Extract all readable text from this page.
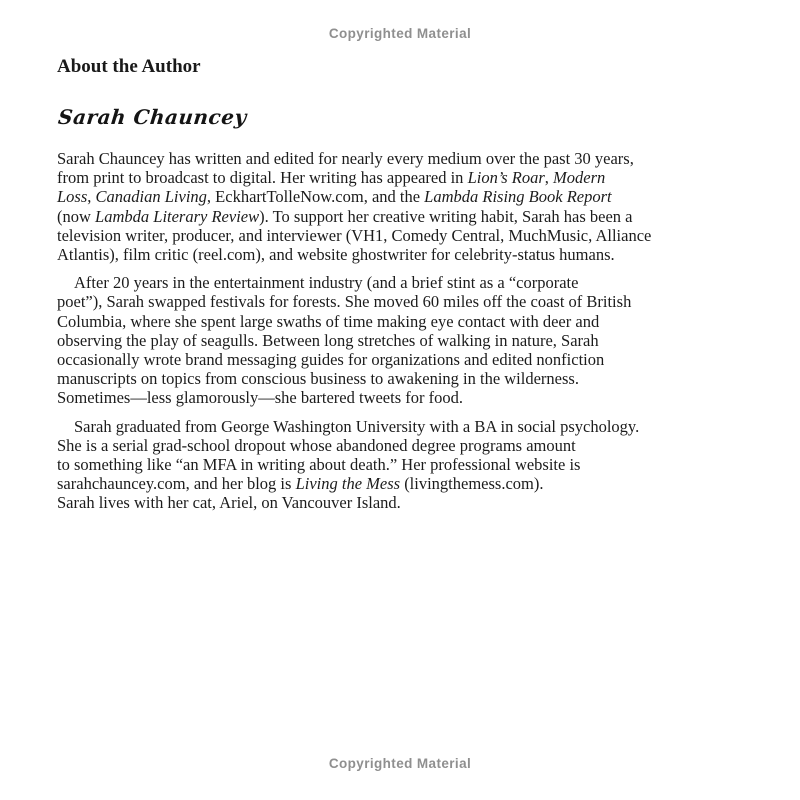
Copyrighted Material
About the Author
Sarah Chauncey
Sarah Chauncey has written and edited for nearly every medium over the past 30 years,
from print to broadcast to digital. Her writing has appeared in Lion’s Roar, Modern
Loss, Canadian Living, EckhartTolleNow.com, and the Lambda Rising Book Report
(now Lambda Literary Review). To support her creative writing habit, Sarah has been a
television writer, producer, and interviewer (VH1, Comedy Central, MuchMusic, Alliance
Atlantis), film critic (reel.com), and website ghostwriter for celebrity-status humans.
After 20 years in the entertainment industry (and a brief stint as a “corporate
poet”), Sarah swapped festivals for forests. She moved 60 miles off the coast of British
Columbia, where she spent large swaths of time making eye contact with deer and
observing the play of seagulls. Between long stretches of walking in nature, Sarah
occasionally wrote brand messaging guides for organizations and edited nonfiction
manuscripts on topics from conscious business to awakening in the wilderness.
Sometimes—less glamorously—she bartered tweets for food.
Sarah graduated from George Washington University with a BA in social psychology.
She is a serial grad-school dropout whose abandoned degree programs amount
to something like “an MFA in writing about death.” Her professional website is
sarahchauncey.com, and her blog is Living the Mess (livingthemess.com).
Sarah lives with her cat, Ariel, on Vancouver Island.
Copyrighted Material
